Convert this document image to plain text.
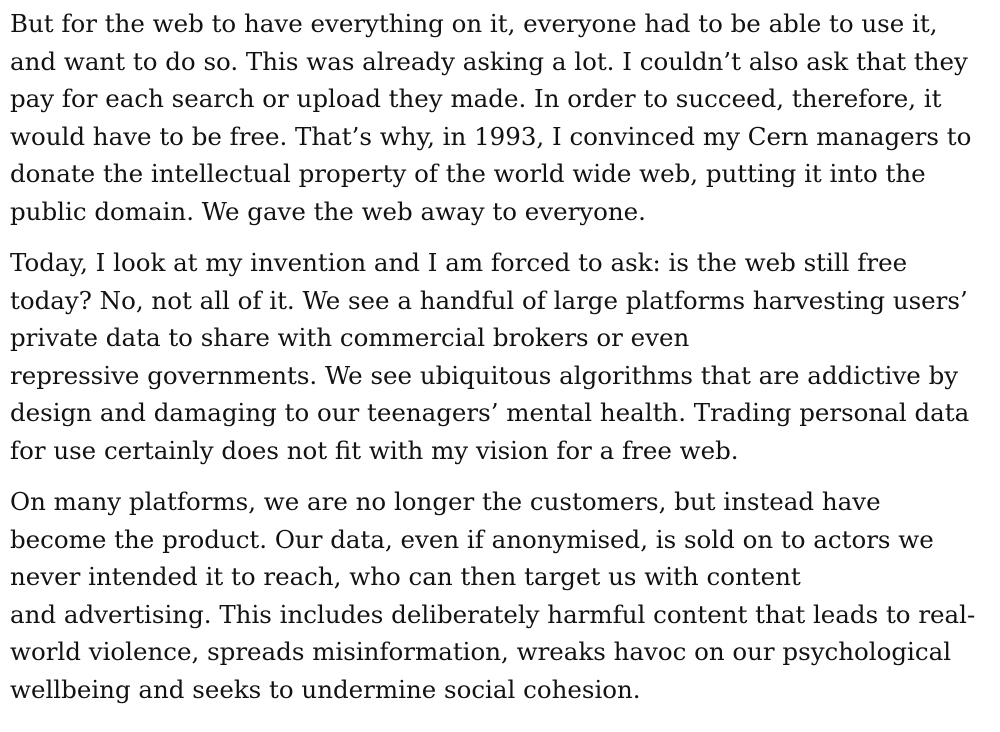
But for the web to have everything on it, everyone had to be able to use it,
and want to do so. This was already asking a lot. I couldn’t also ask that they
pay for each search or upload they made. In order to succeed, therefore, it
would have to be free. That’s why, in 1993, I convinced my Cern managers to
donate the intellectual property of the world wide web, putting it into the
public domain. We gave the web away to everyone.

Today, I look at my invention and I am forced to ask: is the web still free
today? No, not all of it. We see a handful of large platforms harvesting users’
private data to share with commercial brokers or even
repressive governments. We see ubiquitous algorithms that are addictive by
design and damaging to our teenagers’ mental health. Trading personal data
for use certainly does not fit with my vision for a free web.

On many platforms, we are no longer the customers, but instead have
become the product. Our data, even if anonymised, is sold on to actors we
never intended it to reach, who can then target us with content
and advertising. This includes deliberately harmful content that leads to real-
world violence, spreads misinformation, wreaks havoc on our psychological
wellbeing and seeks to undermine social cohesion.
